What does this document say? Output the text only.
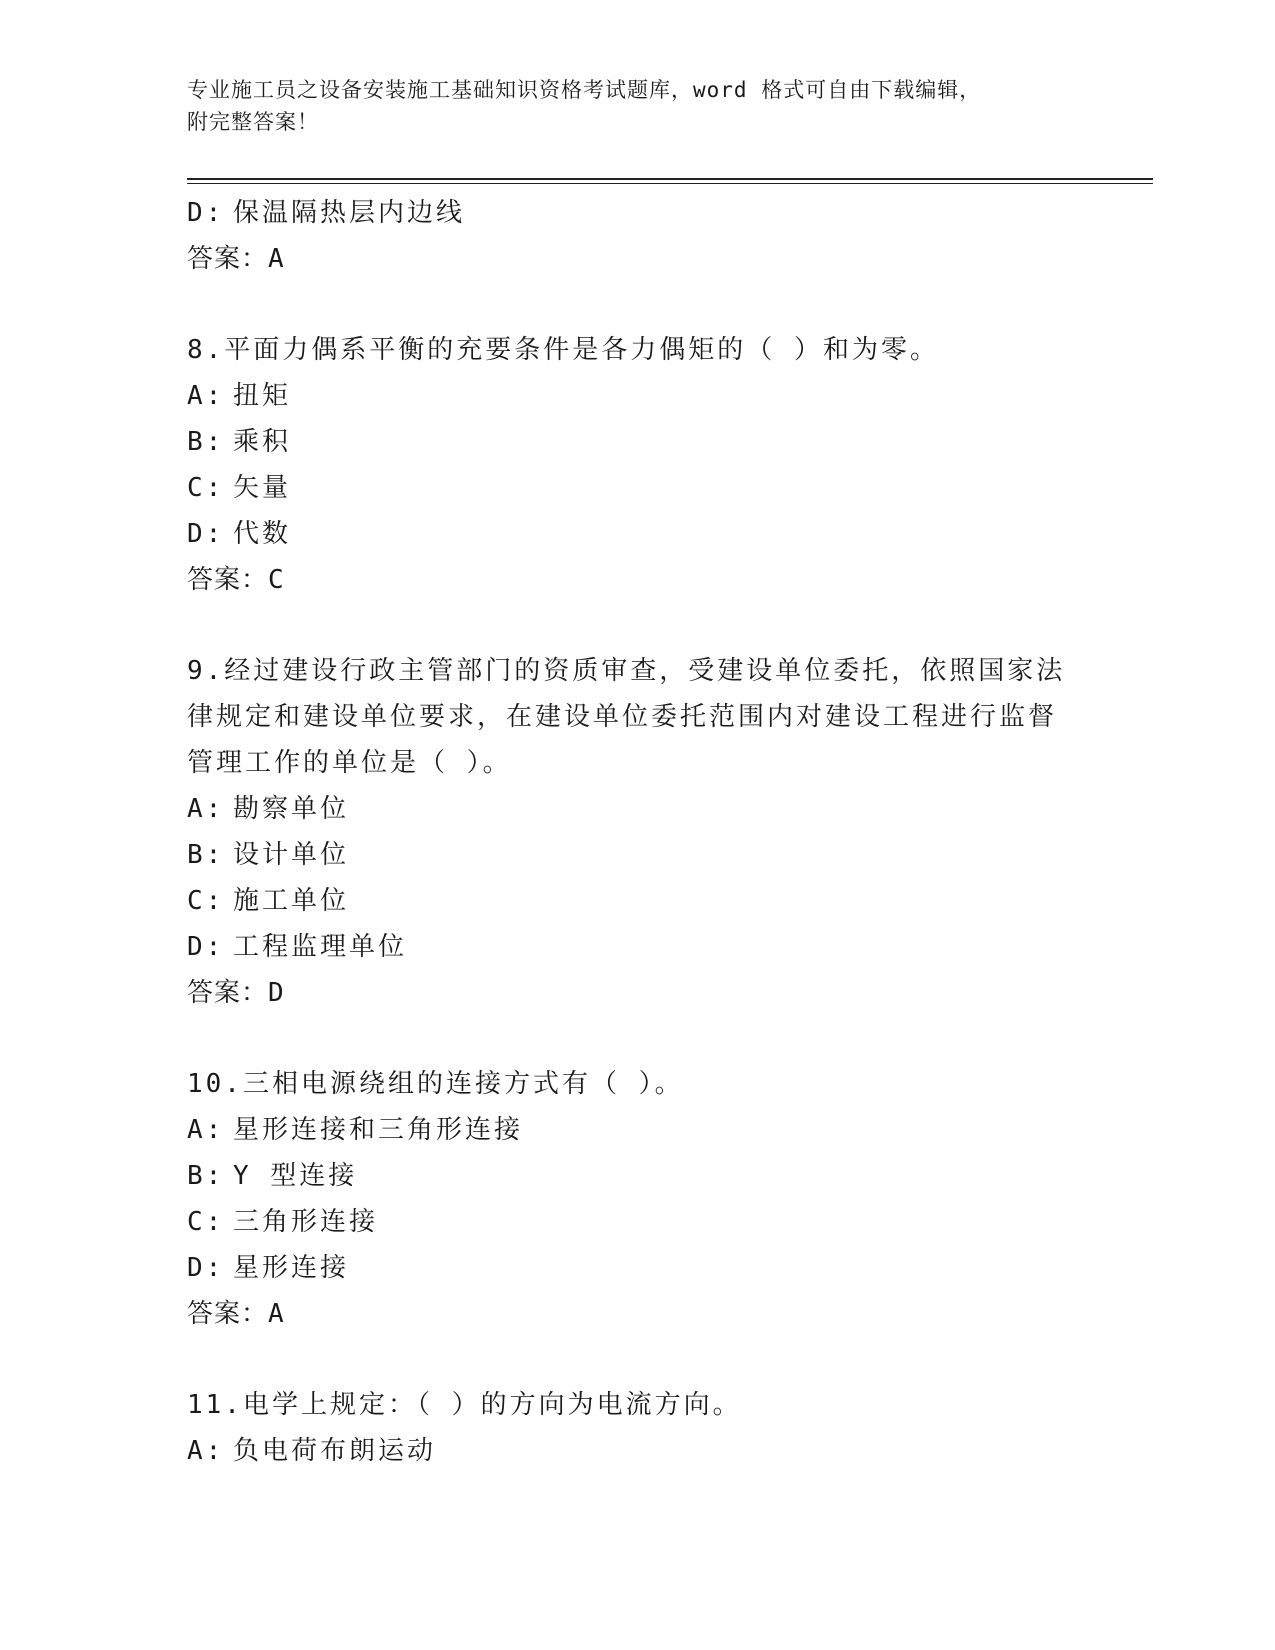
专业施工员之设备安装施工基础知识资格考试题库，word 格式可自由下载编辑，
附完整答案！
D: 保温隔热层内边线
答案：A
8.平面力偶系平衡的充要条件是各力偶矩的（ ）和为零。
A: 扭矩
B: 乘积
C: 矢量
D: 代数
答案：C
9.经过建设行政主管部门的资质审查，受建设单位委托，依照国家法
律规定和建设单位要求，在建设单位委托范围内对建设工程进行监督
管理工作的单位是（ ）。
A: 勘察单位
B: 设计单位
C: 施工单位
D: 工程监理单位
答案：D
10.三相电源绕组的连接方式有（ ）。
A: 星形连接和三角形连接
B: Y 型连接
C: 三角形连接
D: 星形连接
答案：A
11.电学上规定：（ ）的方向为电流方向。
A: 负电荷布朗运动
